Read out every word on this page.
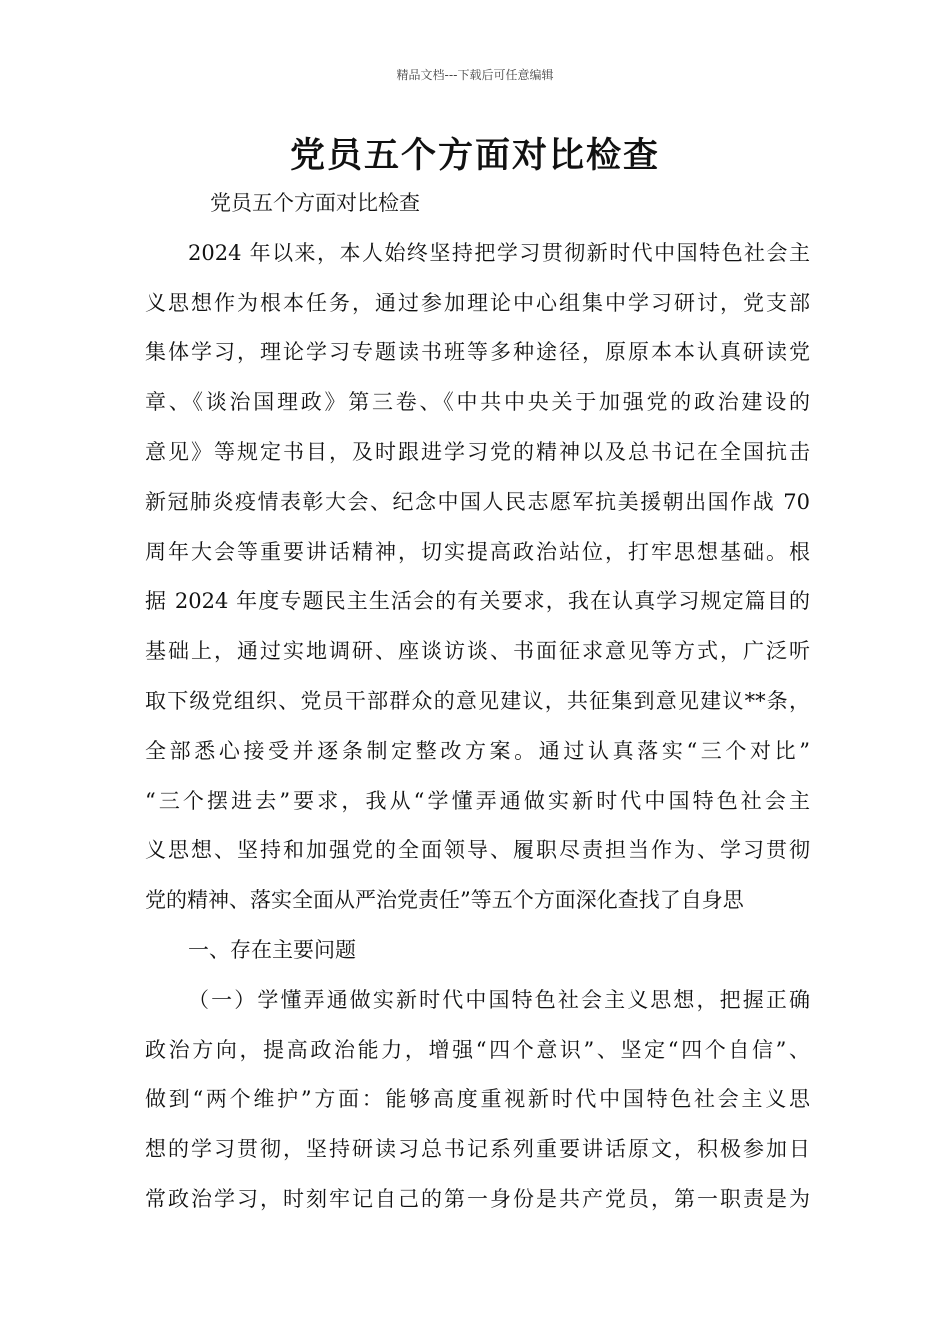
精品文档---下载后可任意编辑
党员五个方面对比检查
党员五个方面对比检查
2024 年以来，本人始终坚持把学习贯彻新时代中国特色社会主
义思想作为根本任务，通过参加理论中心组集中学习研讨，党支部
集体学习，理论学习专题读书班等多种途径，原原本本认真研读党
章、《谈治国理政》第三卷、《中共中央关于加强党的政治建设的
意见》等规定书目，及时跟进学习党的精神以及总书记在全国抗击
新冠肺炎疫情表彰大会、纪念中国人民志愿军抗美援朝出国作战 70
周年大会等重要讲话精神，切实提高政治站位，打牢思想基础。根
据 2024 年度专题民主生活会的有关要求，我在认真学习规定篇目的
基础上，通过实地调研、座谈访谈、书面征求意见等方式，广泛听
取下级党组织、党员干部群众的意见建议，共征集到意见建议**条，
全部悉心接受并逐条制定整改方案。通过认真落实“三个对比”
“三个摆进去”要求，我从“学懂弄通做实新时代中国特色社会主
义思想、坚持和加强党的全面领导、履职尽责担当作为、学习贯彻
党的精神、落实全面从严治党责任”等五个方面深化查找了自身思
一、存在主要问题
（一）学懂弄通做实新时代中国特色社会主义思想，把握正确
政治方向，提高政治能力，增强“四个意识”、坚定“四个自信”、
做到“两个维护”方面：能够高度重视新时代中国特色社会主义思
想的学习贯彻，坚持研读习总书记系列重要讲话原文，积极参加日
常政治学习，时刻牢记自己的第一身份是共产党员，第一职责是为
